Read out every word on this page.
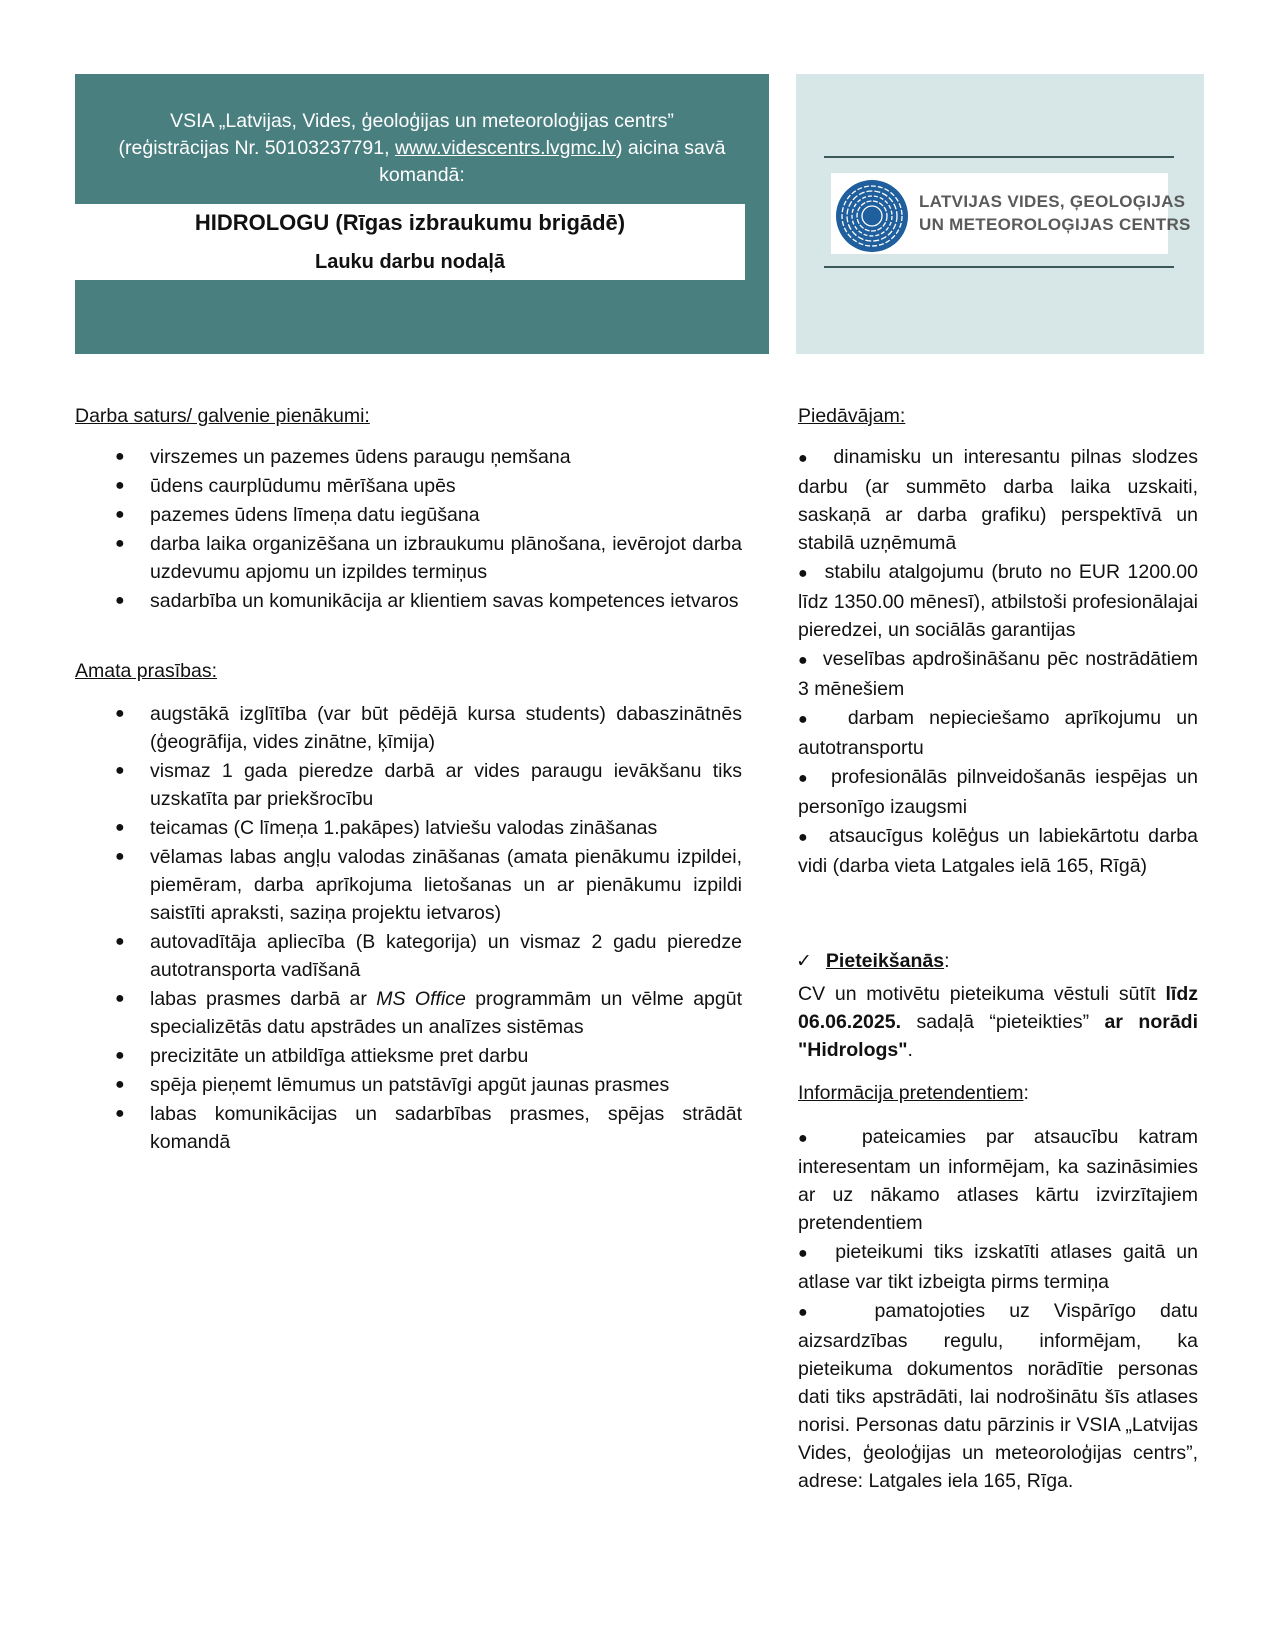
VSIA „Latvijas, Vides, ģeoloģijas un meteoroloģijas centrs”
(reģistrācijas Nr. 50103237791, www.videscentrs.lvgmc.lv) aicina savā
komandā:
HIDROLOGU (Rīgas izbraukumu brigādē)
Lauku darbu nodaļā
LATVIJAS VIDES, ĢEOLOĢIJAS
UN METEOROLOĢIJAS CENTRS
Darba saturs/ galvenie pienākumi:
● virszemes un pazemes ūdens paraugu ņemšana
● ūdens caurplūdumu mērīšana upēs
● pazemes ūdens līmeņa datu iegūšana
● darba laika organizēšana un izbraukumu plānošana, ievērojot darba uzdevumu apjomu un izpildes termiņus
● sadarbība un komunikācija ar klientiem savas kompetences ietvaros
Amata prasības:
● augstākā izglītība (var būt pēdējā kursa students) dabaszinātnēs (ģeogrāfija, vides zinātne, ķīmija)
● vismaz 1 gada pieredze darbā ar vides paraugu ievākšanu tiks uzskatīta par priekšrocību
● teicamas (C līmeņa 1.pakāpes) latviešu valodas zināšanas
● vēlamas labas angļu valodas zināšanas (amata pienākumu izpildei, piemēram, darba aprīkojuma lietošanas un ar pienākumu izpildi saistīti apraksti, saziņa projektu ietvaros)
● autovadītāja apliecība (B kategorija) un vismaz 2 gadu pieredze autotransporta vadīšanā
● labas prasmes darbā ar MS Office programmām un vēlme apgūt specializētās datu apstrādes un analīzes sistēmas
● precizitāte un atbildīga attieksme pret darbu
● spēja pieņemt lēmumus un patstāvīgi apgūt jaunas prasmes
● labas komunikācijas un sadarbības prasmes, spējas strādāt komandā
Piedāvājam:
● dinamisku un interesantu pilnas slodzes darbu (ar summēto darba laika uzskaiti, saskaņā ar darba grafiku) perspektīvā un stabilā uzņēmumā
● stabilu atalgojumu (bruto no EUR 1200.00 līdz 1350.00 mēnesī), atbilstoši profesionālajai pieredzei, un sociālās garantijas
● veselības apdrošināšanu pēc nostrādātiem 3 mēnešiem
● darbam nepieciešamo aprīkojumu un autotransportu
● profesionālās pilnveidošanās iespējas un personīgo izaugsmi
● atsaucīgus kolēģus un labiekārtotu darba vidi (darba vieta Latgales ielā 165, Rīgā)
✓ Pieteikšanās:
CV un motivētu pieteikuma vēstuli sūtīt līdz 06.06.2025. sadaļā “pieteikties” ar norādi "Hidrologs".
Informācija pretendentiem:
● pateicamies par atsaucību katram interesentam un informējam, ka sazināsimies ar uz nākamo atlases kārtu izvirzītajiem pretendentiem
● pieteikumi tiks izskatīti atlases gaitā un atlase var tikt izbeigta pirms termiņa
● pamatojoties uz Vispārīgo datu aizsardzības regulu, informējam, ka pieteikuma dokumentos norādītie personas dati tiks apstrādāti, lai nodrošinātu šīs atlases norisi. Personas datu pārzinis ir VSIA „Latvijas Vides, ģeoloģijas un meteoroloģijas centrs”, adrese: Latgales iela 165, Rīga.
